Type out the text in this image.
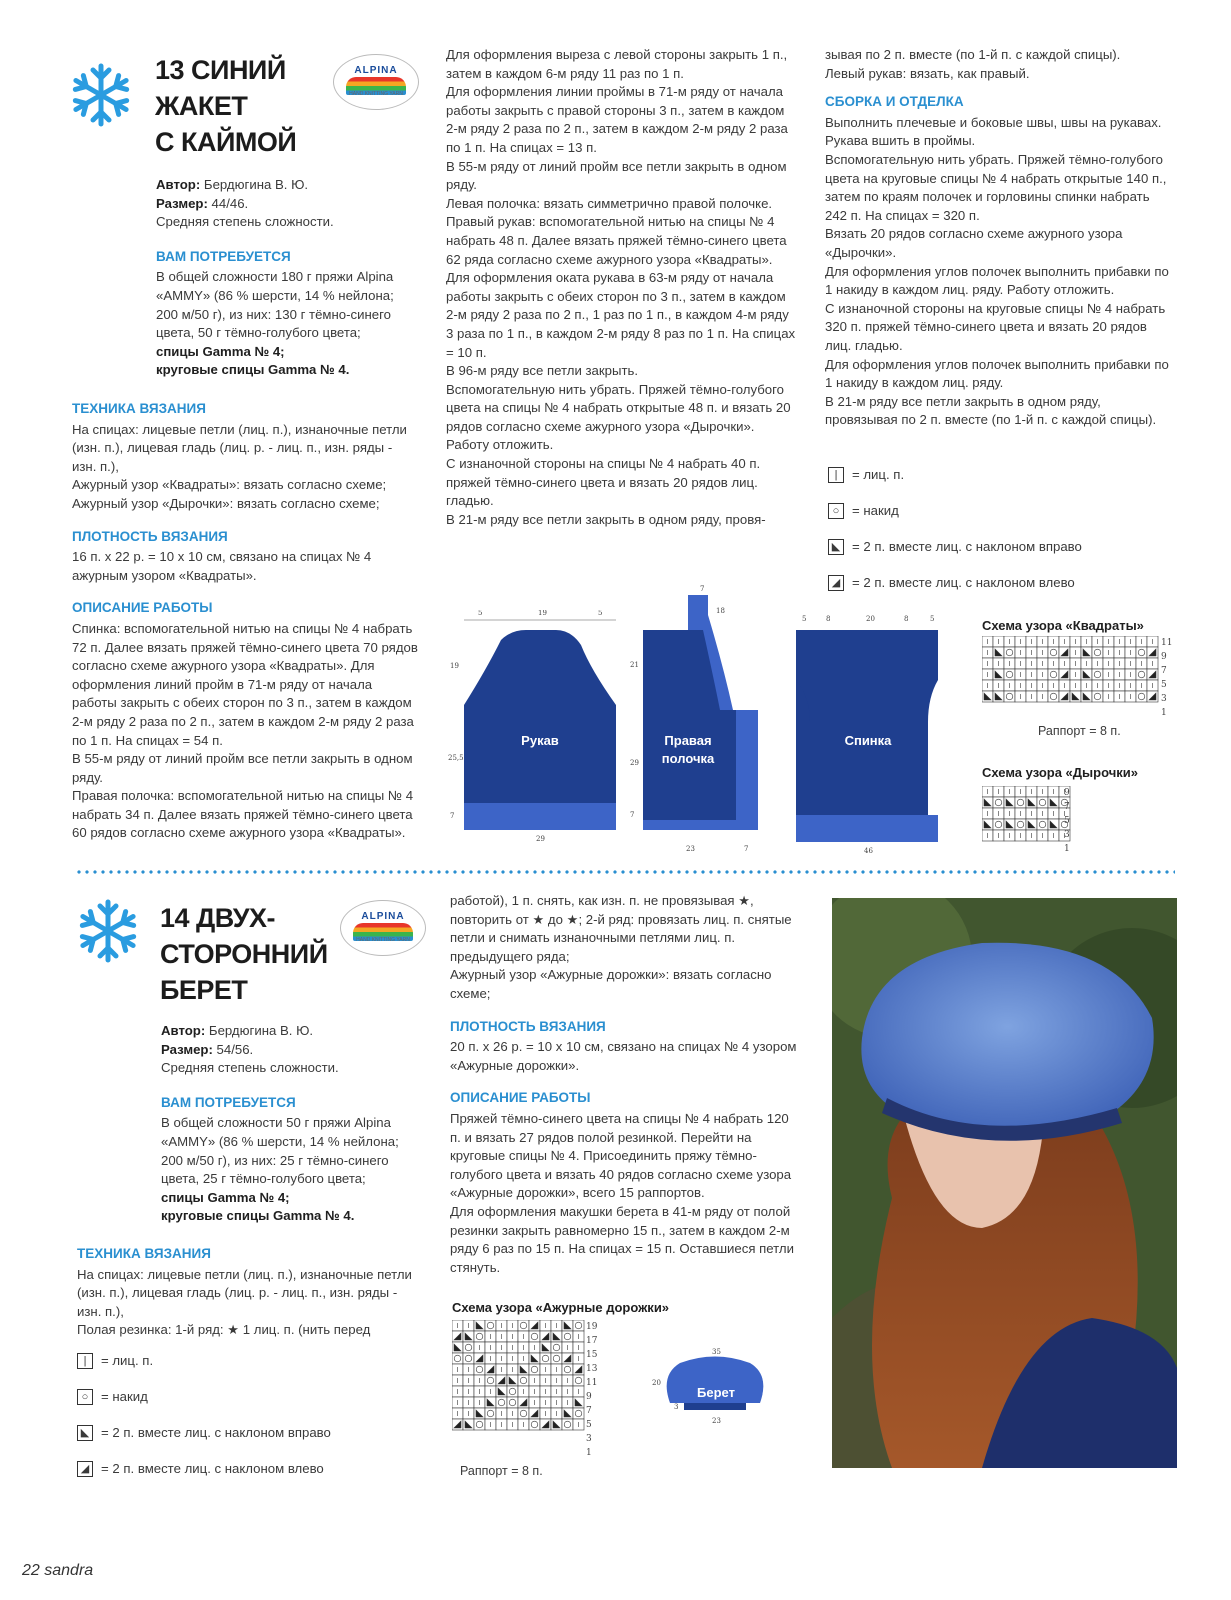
13 СИНИЙ
ЖАКЕТ
С КАЙМОЙ
ALPINA
HAND KNITTING YARN

Автор: Бердюгина В. Ю.

Размер: 44/46.

Средняя степень сложности.

ВАМ ПОТРЕБУЕТСЯ

В общей сложности 180 г пряжи Alpina «AMMY» (86 % шерсти, 14 % нейлона; 200 м/50 г), из них: 130 г тёмно-синего цвета, 50 г тёмно-голубого цвета;

спицы Gamma № 4;

круговые спицы Gamma № 4.

ТЕХНИКА ВЯЗАНИЯ

На спицах: лицевые петли (лиц. п.), изнаночные петли (изн. п.), лицевая гладь (лиц. р. - лиц. п., изн. ряды - изн. п.),

Ажурный узор «Квадраты»: вязать согласно схеме;

Ажурный узор «Дырочки»: вязать согласно схеме;

ПЛОТНОСТЬ ВЯЗАНИЯ

16 п. х 22 р. = 10 х 10 см, связано на спицах № 4 ажурным узором «Квадраты».

ОПИСАНИЕ РАБОТЫ

Спинка: вспомогательной нитью на спицы № 4 набрать 72 п. Далее вязать пряжей тёмно-синего цвета 70 рядов согласно схеме ажурного узора «Квадраты». Для оформления линий пройм в 71-м ряду от начала работы закрыть с обеих сторон по 3 п., затем в каждом 2-м ряду 2 раза по 2 п., затем в каждом 2-м ряду 2 раза по 1 п. На спицах = 54 п.

В 55-м ряду от линий пройм все петли закрыть в одном ряду.

Правая полочка: вспомогательной нитью на спицы № 4 набрать 34 п. Далее вязать пряжей тёмно-синего цвета 60 рядов согласно схеме ажурного узора «Квадраты».

Для оформления выреза с левой стороны закрыть 1 п., затем в каждом 6-м ряду 11 раз по 1 п.

Для оформления линии проймы в 71-м ряду от начала работы закрыть с правой стороны 3 п., затем в каждом 2-м ряду 2 раза по 2 п., затем в каждом 2-м ряду 2 раза по 1 п. На спицах = 13 п.

В 55-м ряду от линий пройм все петли закрыть в одном ряду.

Левая полочка: вязать симметрично правой полочке.

Правый рукав: вспомогательной нитью на спицы № 4 набрать 48 п. Далее вязать пряжей тёмно-синего цвета 62 ряда согласно схеме ажурного узора «Квадраты».

Для оформления оката рукава в 63-м ряду от начала работы закрыть с обеих сторон по 3 п., затем в каждом 2-м ряду 2 раза по 2 п., 1 раз по 1 п., в каждом 4-м ряду 3 раза по 1 п., в каждом 2-м ряду 8 раз по 1 п. На спицах = 10 п.

В 96-м ряду все петли закрыть.

Вспомогательную нить убрать. Пряжей тёмно-голубого цвета на спицы № 4 набрать открытые 48 п. и вязать 20 рядов согласно схеме ажурного узора «Дырочки».

Работу отложить.

С изнаночной стороны на спицы № 4 набрать 40 п. пряжей тёмно-синего цвета и вязать 20 рядов лиц. гладью.

В 21-м ряду все петли закрыть в одном ряду, провя-

зывая по 2 п. вместе (по 1-й п. с каждой спицы).

Левый рукав: вязать, как правый.

СБОРКА И ОТДЕЛКА

Выполнить плечевые и боковые швы, швы на рукавах. Рукава вшить в проймы.

Вспомогательную нить убрать. Пряжей тёмно-голубого цвета на круговые спицы № 4 набрать открытые 140 п., затем по краям полочек и горловины спинки набрать 242 п. На спицах = 320 п.

Вязать 20 рядов согласно схеме ажурного узора «Дырочки».

Для оформления углов полочек выполнить прибавки по 1 накиду в каждом лиц. ряду. Работу отложить.

С изнаночной стороны на круговые спицы № 4 набрать 320 п. пряжей тёмно-синего цвета и вязать 20 рядов лиц. гладью.

Для оформления углов полочек выполнить прибавки по 1 накиду в каждом лиц. ряду.

В 21-м ряду все петли закрыть в одном ряду, провязывая по 2 п. вместе (по 1-й п. с каждой спицы).

|	= лиц. п.
○ = накид
◣ = 2 п. вместе лиц. с наклоном вправо
◢ = 2 п. вместе лиц. с наклоном влево
Рукав
5	19	5
19
25,5
7
29
Правая
полочка
7
18
21
29
7
23	7
Спинка
5	8	20	8	5
46
Схема узора «Квадраты»
11
9
7
5
3
1
Раппорт = 8 п.
Схема узора «Дырочки»
9
7
5
3
1
14 ДВУХ-
СТОРОННИЙ
БЕРЕТ
ALPINA
HAND KNITTING YARN

Автор: Бердюгина В. Ю.

Размер: 54/56.

Средняя степень сложности.

ВАМ ПОТРЕБУЕТСЯ

В общей сложности 50 г пряжи Alpina «AMMY» (86 % шерсти, 14 % нейлона; 200 м/50 г), из них: 25 г тёмно-синего цвета, 25 г тёмно-голубого цвета;

спицы Gamma № 4;

круговые спицы Gamma № 4.

ТЕХНИКА ВЯЗАНИЯ

На спицах: лицевые петли (лиц. п.), изнаночные петли (изн. п.), лицевая гладь (лиц. р. - лиц. п., изн. ряды - изн. п.),

Полая резинка: 1-й ряд: ★ 1 лиц. п. (нить перед

|	= лиц. п.
○ = накид
◣ = 2 п. вместе лиц. с наклоном вправо
◢ = 2 п. вместе лиц. с наклоном влево

работой), 1 п. снять, как изн. п. не провязывая ★, повторить от ★ до ★; 2-й ряд: провязать лиц. п. снятые петли и снимать изнаночными петлями лиц. п. предыдущего ряда;

Ажурный узор «Ажурные дорожки»: вязать согласно схеме;

ПЛОТНОСТЬ ВЯЗАНИЯ

20 п. х 26 р. = 10 х 10 см, связано на спицах № 4 узором «Ажурные дорожки».

ОПИСАНИЕ РАБОТЫ

Пряжей тёмно-синего цвета на спицы № 4 набрать 120 п. и вязать 27 рядов полой резинкой. Перейти на круговые спицы № 4. Присоединить пряжу тёмно-голубого цвета и вязать 40 рядов согласно схеме узора «Ажурные дорожки», всего 15 раппортов.

Для оформления макушки берета в 41-м ряду от полой резинки закрыть равномерно 15 п., затем в каждом 2-м ряду 6 раз по 15 п. На спицах = 15 п. Оставшиеся петли стянуть.

Схема узора «Ажурные дорожки»
19
17
15
13
11
9
7
5
3
1
Раппорт = 8 п.
Берет
35
20
3
23
22 sandra
